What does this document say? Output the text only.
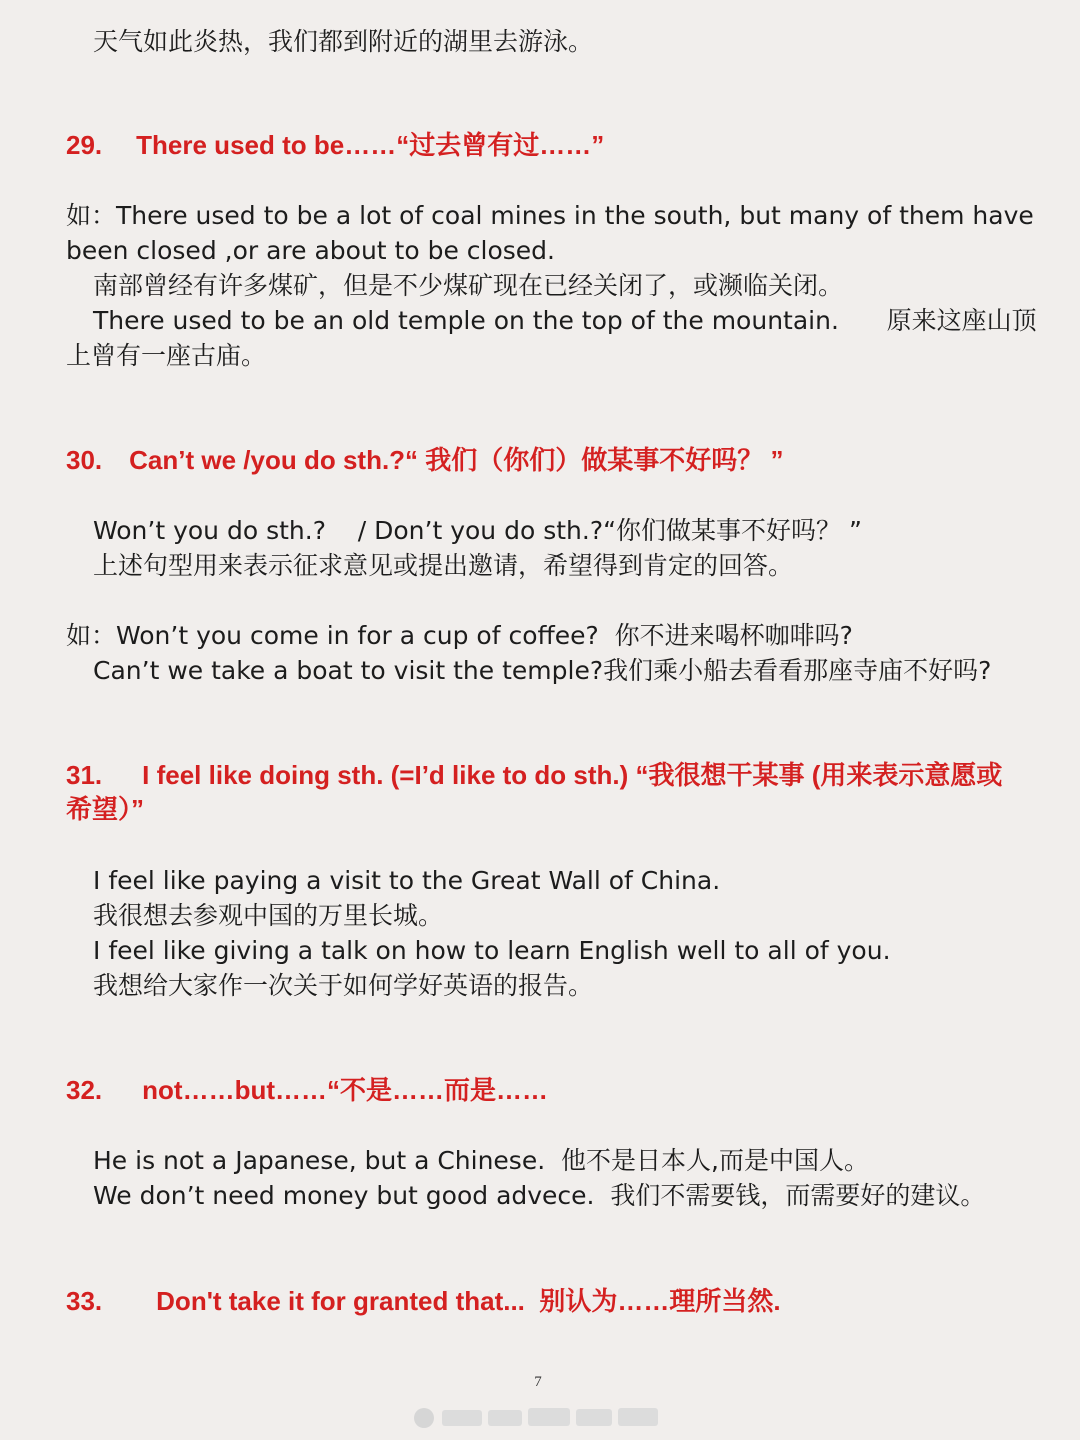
天气如此炎热，我们都到附近的湖里去游泳。
29. There used to be……“过去曾有过……”
如：There used to be a lot of coal mines in the south, but many of them have
been closed ,or are about to be closed.
南部曾经有许多煤矿，但是不少煤矿现在已经关闭了，或濒临关闭。
There used to be an old temple on the top of the mountain.      原来这座山顶
上曾有一座古庙。
30. Can’t we /you do sth.?“ 我们（你们）做某事不好吗？ ”
Won’t you do sth.?    / Don’t you do sth.?“你们做某事不好吗？ ”
上述句型用来表示征求意见或提出邀请，希望得到肯定的回答。
如：Won’t you come in for a cup of coffee?  你不进来喝杯咖啡吗?
Can’t we take a boat to visit the temple?我们乘小船去看看那座寺庙不好吗?
31. I feel like doing sth. (=I’d like to do sth.) “我很想干某事 (用来表示意愿或
希望）”
I feel like paying a visit to the Great Wall of China.
我很想去参观中国的万里长城。
I feel like giving a talk on how to learn English well to all of you.
我想给大家作一次关于如何学好英语的报告。
32. not……but……“不是……而是……
He is not a Japanese, but a Chinese.  他不是日本人,而是中国人。
We don’t need money but good advece.  我们不需要钱，而需要好的建议。
33. Don't take it for granted that...  别认为……理所当然.
7
